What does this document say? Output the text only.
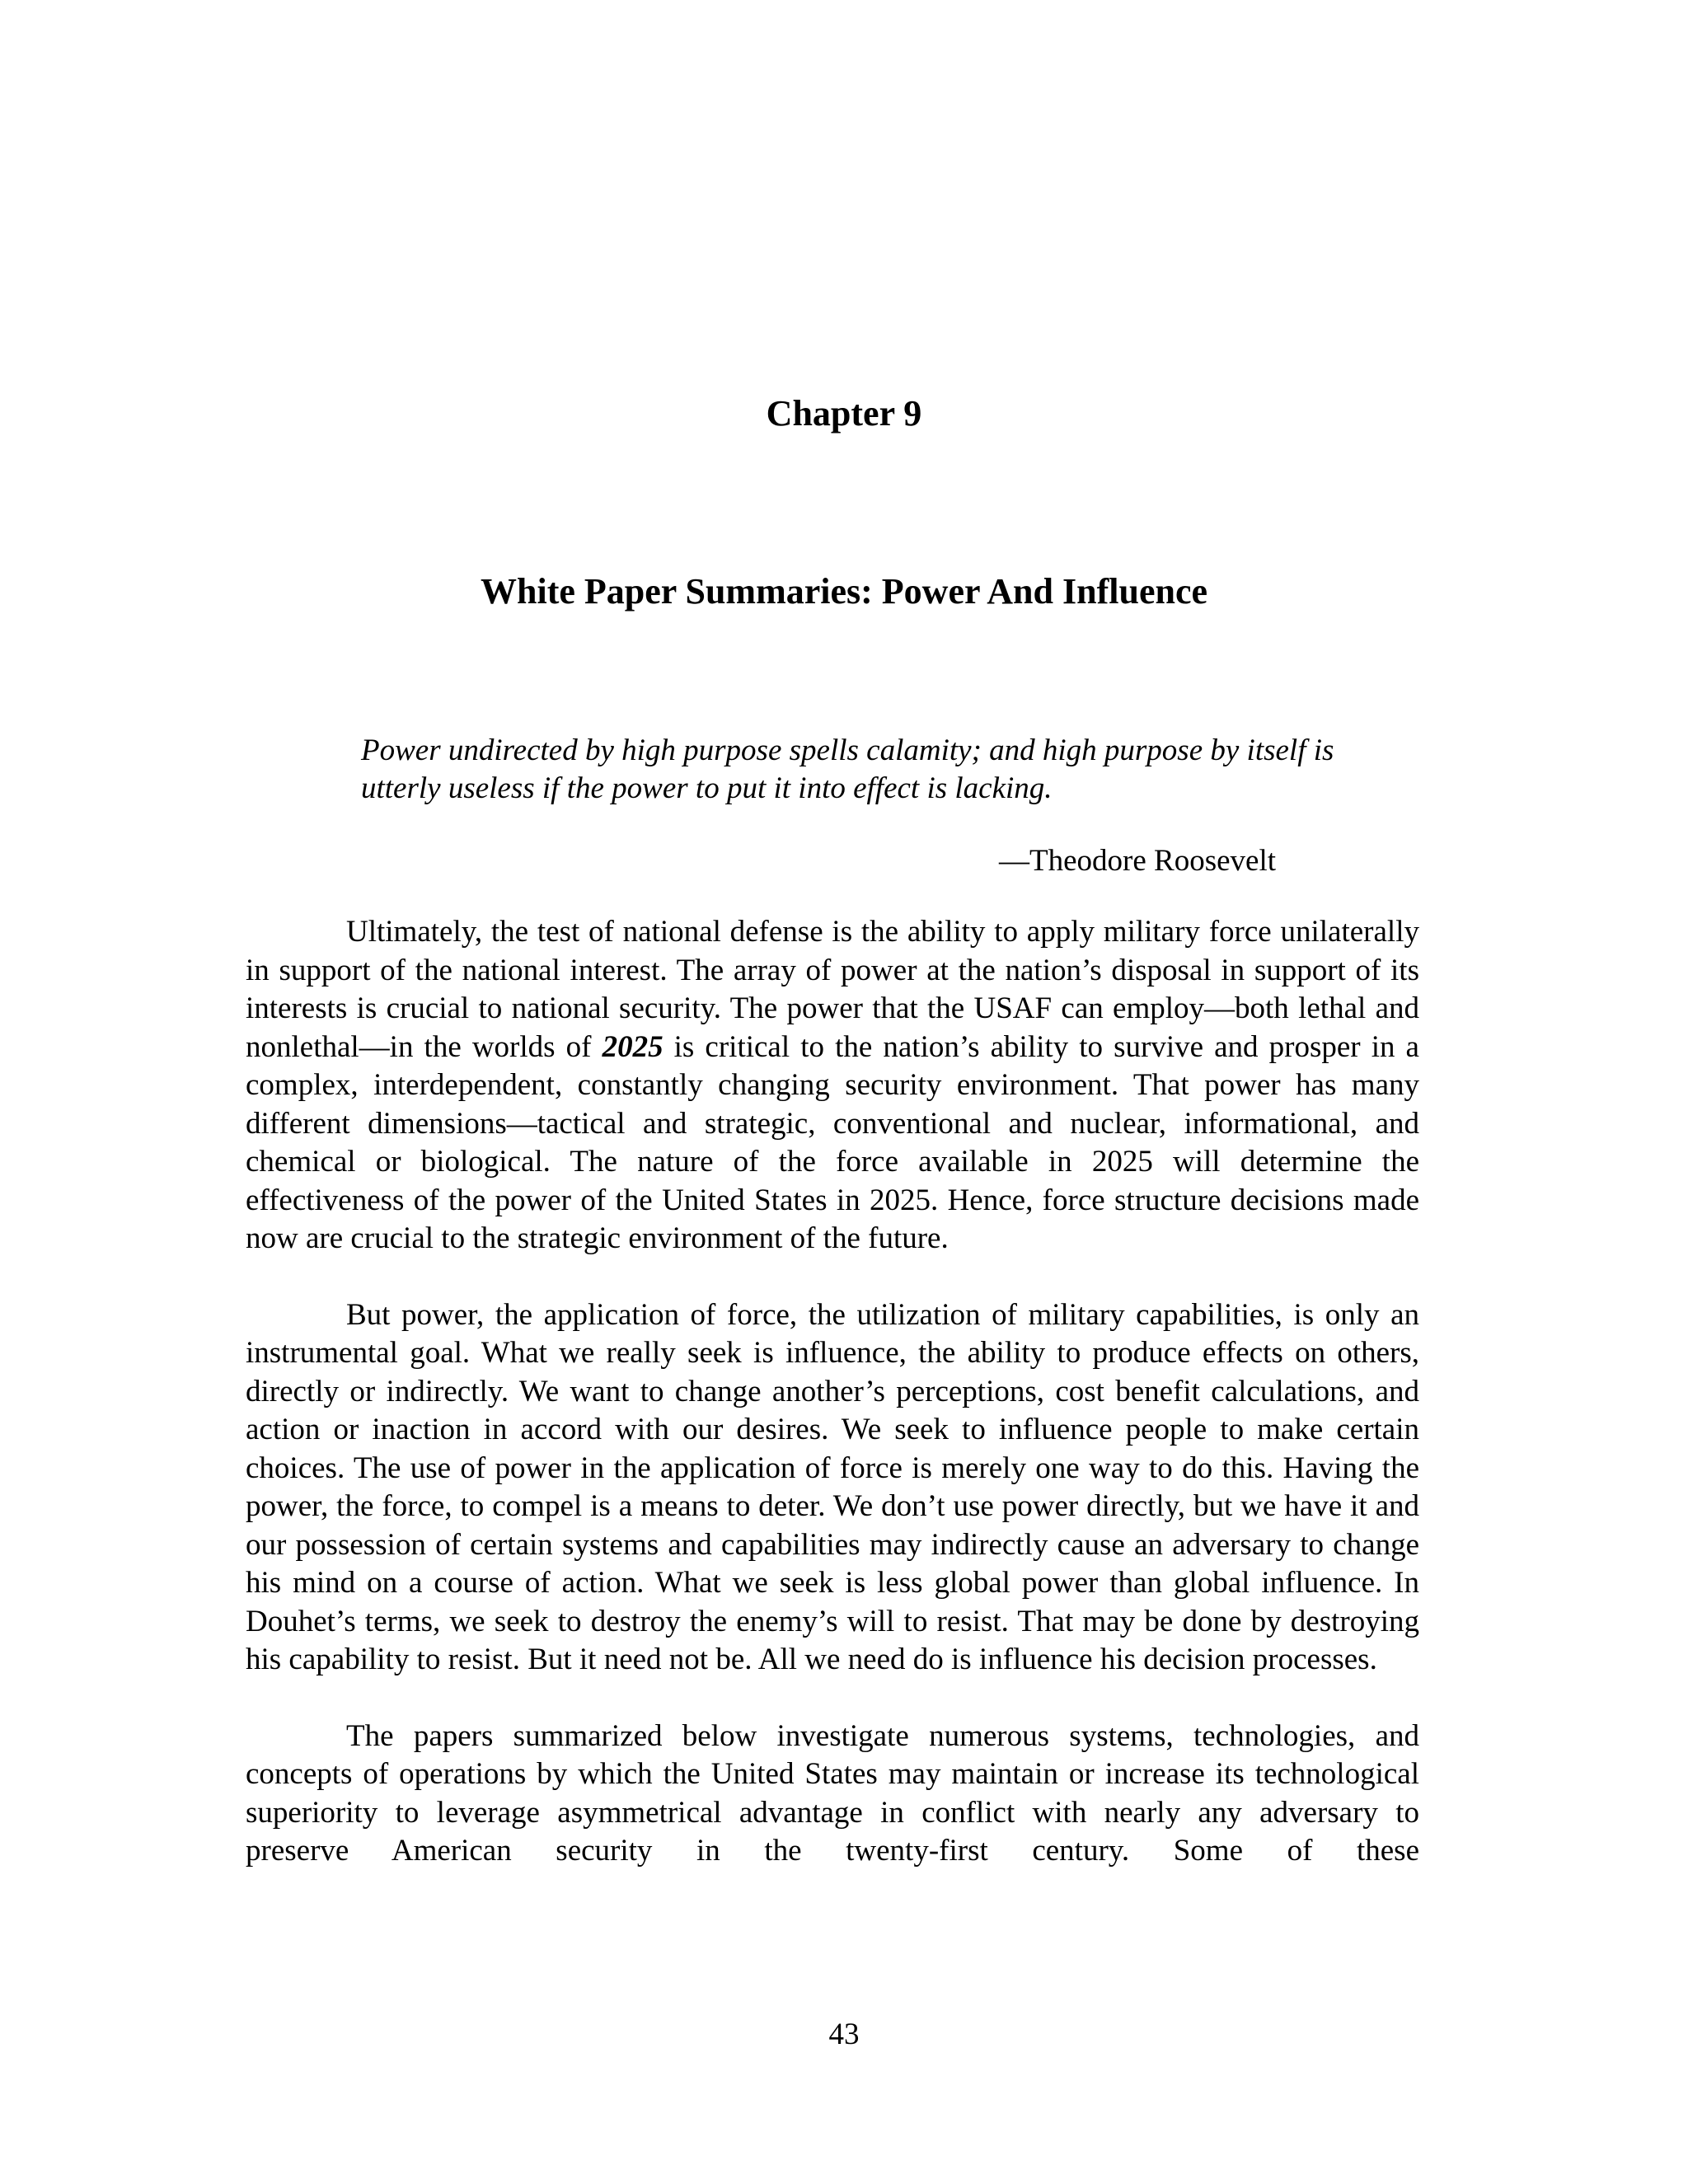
Chapter 9
White Paper Summaries: Power And Influence

Power undirected by high purpose spells calamity; and high purpose by itself is utterly useless if the power to put it into effect is lacking.

—Theodore Roosevelt

Ultimately, the test of national defense is the ability to apply military force unilaterally in support of the national interest. The array of power at the nation’s disposal in support of its interests is crucial to national security. The power that the USAF can employ—both lethal and nonlethal—in the worlds of 2025 is critical to the nation’s ability to survive and prosper in a complex, interdependent, constantly changing security environment. That power has many different dimensions—tactical and strategic, conventional and nuclear, informational, and chemical or biological. The nature of the force available in 2025 will determine the effectiveness of the power of the United States in 2025. Hence, force structure decisions made now are crucial to the strategic environment of the future.

But power, the application of force, the utilization of military capabilities, is only an instrumental goal. What we really seek is influence, the ability to produce effects on others, directly or indirectly. We want to change another’s perceptions, cost benefit calculations, and action or inaction in accord with our desires. We seek to influence people to make certain choices. The use of power in the application of force is merely one way to do this. Having the power, the force, to compel is a means to deter. We don’t use power directly, but we have it and our possession of certain systems and capabilities may indirectly cause an adversary to change his mind on a course of action. What we seek is less global power than global influence. In Douhet’s terms, we seek to destroy the enemy’s will to resist. That may be done by destroying his capability to resist. But it need not be. All we need do is influence his decision processes.

The papers summarized below investigate numerous systems, technologies, and concepts of operations by which the United States may maintain or increase its technological superiority to leverage asymmetrical advantage in conflict with nearly any adversary to preserve American security in the twenty-first century. Some of these

43
